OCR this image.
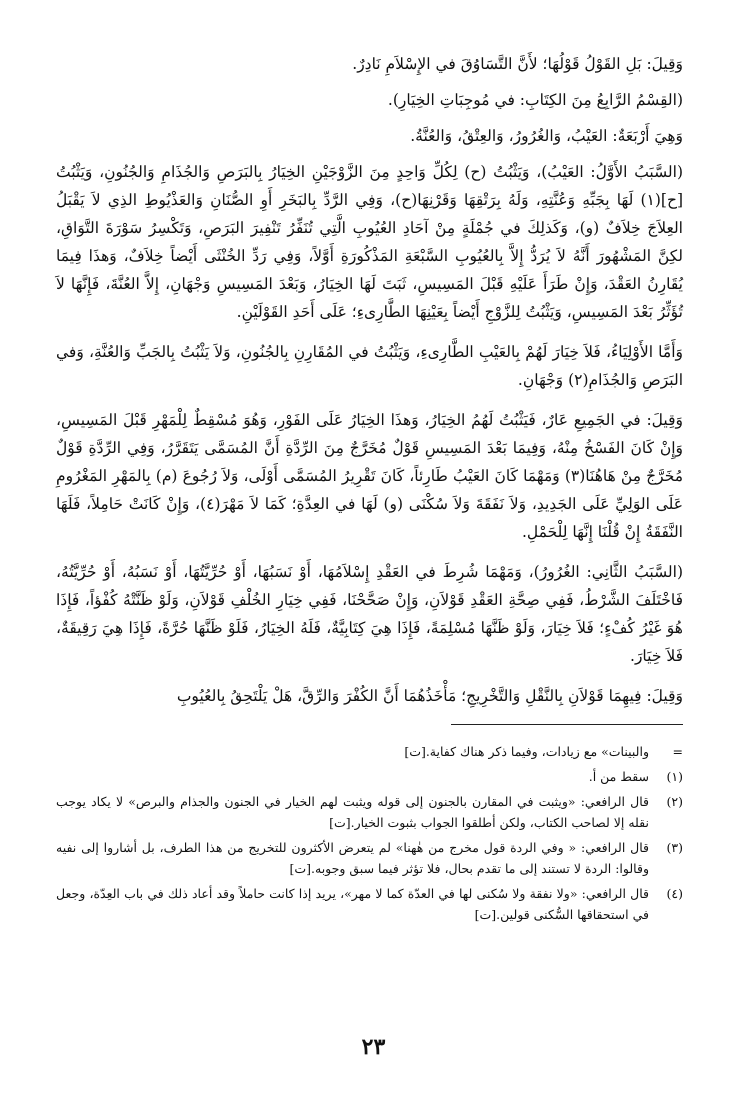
وَقِيلَ: بَلِ القَوْلُ قَوْلُهَا؛ لأَنَّ التَّسَاوُقَ في الإِسْلاَمِ نَادِرٌ.

(القِسْمُ الرَّابِعُ مِنَ الكِتَابِ: في مُوجِبَاتِ الخِيَارِ).

وَهِيَ أَرْبَعَةٌ: العَيْبُ، وَالغُرُورُ، وَالعِتْقُ، وَالعُنَّةُ.

(السَّبَبُ الأَوَّلُ: العَيْبُ)، وَيَثْبُتُ (ح) لِكُلِّ وَاحِدٍ مِنَ الزَّوْجَيْنِ الخِيَارُ بِالبَرَصِ وَالجُذَامِ وَالجُنُونِ، وَيَثْبُتُ [ح](١) لَهَا بِجَبِّهِ وَعُنَّتِهِ، وَلَهُ بِرَتْقِهَا وَقَرْنِهَا(ح)، وَفِي الرَّدِّ بِالبَخَرِ أَوِ الصُّنَانِ وَالعَذْيُوطِ الذِي لاَ يَقْبَلُ العِلاَجَ خِلاَفٌ (و)، وَكَذلِكَ في جُمْلَةٍ مِنْ آحَادِ العُيُوبِ الَّتِي تُنَفِّرُ تَنْفِيرَ البَرَصِ، وَتَكْسِرُ سَوْرَةَ التَّوَاقِ، لكِنَّ المَشْهُورَ أَنَّهُ لاَ يُرَدُّ إِلاَّ بِالعُيُوبِ السَّبْعَةِ المَذْكُورَةِ أَوَّلاً، وَفِي رَدِّ الخُنْثَى أَيْضاً خِلاَفٌ، وَهذَا فِيمَا يُقَارِنُ العَقْدَ، وَإِنْ طَرَأَ عَلَيْهِ قَبْلَ المَسِيسِ، ثَبَتَ لَهَا الخِيَارُ، وَبَعْدَ المَسِيسِ وَجْهَانِ، إِلاَّ العُنَّةَ، فَإِنَّهَا لاَ تُؤَثِّرُ بَعْدَ المَسِيسِ، وَيَثْبُتُ لِلزَّوْجِ أَيْضاً بِعَيْنِهَا الطَّارِىءِ؛ عَلَى أَحَدِ القَوْلَيْنِ.

وَأَمَّا الأَوْلِيَاءُ، فَلاَ خِيَارَ لَهُمْ بِالعَيْبِ الطَّارِىءِ، وَيَثْبُتُ في المُقَارِنِ بِالجُنُونِ، وَلاَ يَثْبُتُ بِالجَبِّ وَالعُنَّةِ، وَفي البَرَصِ وَالجُذَامِ(٢) وَجْهَانِ.

وَقِيلَ: في الجَمِيعِ عَارٌ، فَيَثْبُتُ لَهُمُ الخِيَارُ، وَهذَا الخِيَارُ عَلَى الفَوْرِ، وَهُوَ مُسْقِطٌ لِلْمَهْرِ قَبْلَ المَسِيسِ، وَإِنْ كَانَ الفَسْخُ مِنْهُ، وَفِيمَا بَعْدَ المَسِيسِ قَوْلٌ مُخَرَّجٌ مِنَ الرِّدَّةِ أَنَّ المُسَمَّى يَتَقَرَّرُ، وَفِي الرِّدَّةِ قَوْلٌ مُخَرَّجٌ مِنْ هَاهُنَا(٣) وَمَهْمَا كَانَ العَيْبُ طَارِئاً، كَانَ تَقْرِيرُ المُسَمَّى أَوْلَى، وَلاَ رُجُوعَ (م) بِالمَهْرِ المَغْرُومِ عَلَى الوَلِيِّ عَلَى الجَدِيدِ، وَلاَ نَفَقَةَ وَلاَ سُكْنَى (و) لَهَا في العِدَّةِ؛ كَمَا لاَ مَهْرَ(٤)، وَإِنْ كَانَتْ حَامِلاً، فَلَهَا النَّفَقَةُ إِنْ قُلْنَا إِنَّهَا لِلْحَمْلِ.

(السَّبَبُ الثَّانِي: الغُرُورُ)، وَمَهْمَا شُرِطَ في العَقْدِ إِسْلاَمُهَا، أَوْ نَسَبُهَا، أَوْ حُرِّيَّتُهَا، أَوْ نَسَبُهُ، أَوْ حُرِّيَّتُهُ، فَاخْتَلَفَ الشَّرْطُ، فَفِي صِحَّةِ العَقْدِ قَوْلاَنِ، وَإِنْ صَحَّحْنَا، فَفِي خِيَارِ الخُلْفِ قَوْلاَنِ، وَلَوْ ظَنَّتْهُ كُفْؤاً، فَإِذَا هُوَ غَيْرُ كُفْءٍ؛ فَلاَ خِيَارَ، وَلَوْ ظَنَّهَا مُسْلِمَةً، فَإِذَا هِيَ كِتَابِيَّةٌ، فَلَهُ الخِيَارُ، فَلَوْ ظَنَّهَا حُرَّةً، فَإِذَا هِيَ رَقِيقَةٌ، فَلاَ خِيَارَ.

وَقِيلَ: فِيهِمَا قَوْلاَنِ بِالنَّقْلِ وَالتَّخْرِيجِ؛ مَأْخَذُهُمَا أَنَّ الكُفْرَ وَالرِّقَّ، هَلْ يَلْتَحِقُ بِالعُيُوبِ

=
والبينات» مع زيادات، وفيما ذكر هناك كفاية.[ت]
(١)
سقط من أ.
(٢)
قال الرافعي: «ويثبت في المقارن بالجنون إلى قوله ويثبت لهم الخيار في الجنون والجذام والبرص» لا يكاد يوجب نقله إلا لصاحب الكتاب، ولكن أطلقوا الجواب بثبوت الخيار.[ت]
(٣)
قال الرافعي: « وفي الردة قول مخرج من هٰهنا» لم يتعرض الأكثرون للتخريج من هذا الطرف، بل أشاروا إلى نفيه وقالوا: الردة لا تستند إلى ما تقدم بحال، فلا تؤثر فيما سبق وجوبه.[ت]
(٤)
قال الرافعي: «ولا نفقة ولا سُكنى لها في العدّة كما لا مهر»، يريد إذا كانت حاملاً وقد أعاد ذلك في باب العِدّة، وجعل في استحقاقها السُّكنى قولين.[ت]
٢٣
